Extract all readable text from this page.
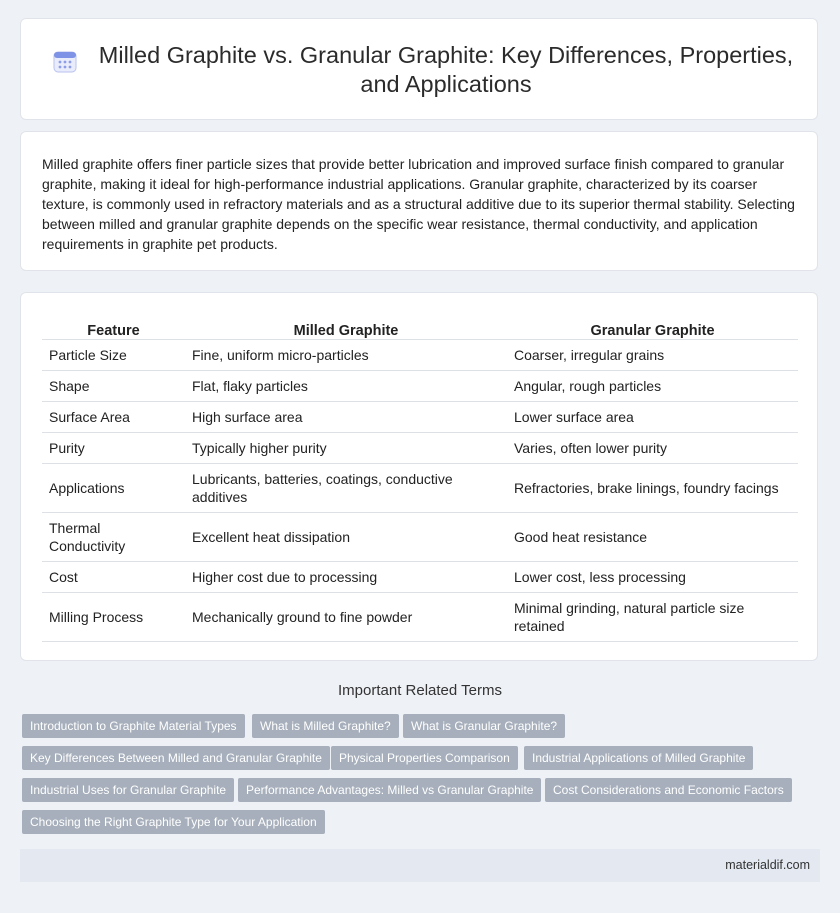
Milled Graphite vs. Granular Graphite: Key Differences, Properties, and Applications

Milled graphite offers finer particle sizes that provide better lubrication and improved surface finish compared to granular graphite, making it ideal for high-performance industrial applications. Granular graphite, characterized by its coarser texture, is commonly used in refractory materials and as a structural additive due to its superior thermal stability. Selecting between milled and granular graphite depends on the specific wear resistance, thermal conductivity, and application requirements in graphite pet products.

Feature	Milled Graphite	Granular Graphite
Particle Size	Fine, uniform micro-particles	Coarser, irregular grains
Shape	Flat, flaky particles	Angular, rough particles
Surface Area	High surface area	Lower surface area
Purity	Typically higher purity	Varies, often lower purity
Applications	Lubricants, batteries, coatings, conductive additives	Refractories, brake linings, foundry facings
Thermal Conductivity	Excellent heat dissipation	Good heat resistance
Cost	Higher cost due to processing	Lower cost, less processing
Milling Process	Mechanically ground to fine powder	Minimal grinding, natural particle size retained
Important Related Terms
Introduction to Graphite Material Types	What is Milled Graphite?	What is Granular Graphite?
Key Differences Between Milled and Granular Graphite	Physical Properties Comparison	Industrial Applications of Milled Graphite
Industrial Uses for Granular Graphite	Performance Advantages: Milled vs Granular Graphite	Cost Considerations and Economic Factors
Choosing the Right Graphite Type for Your Application
materialdif.com
